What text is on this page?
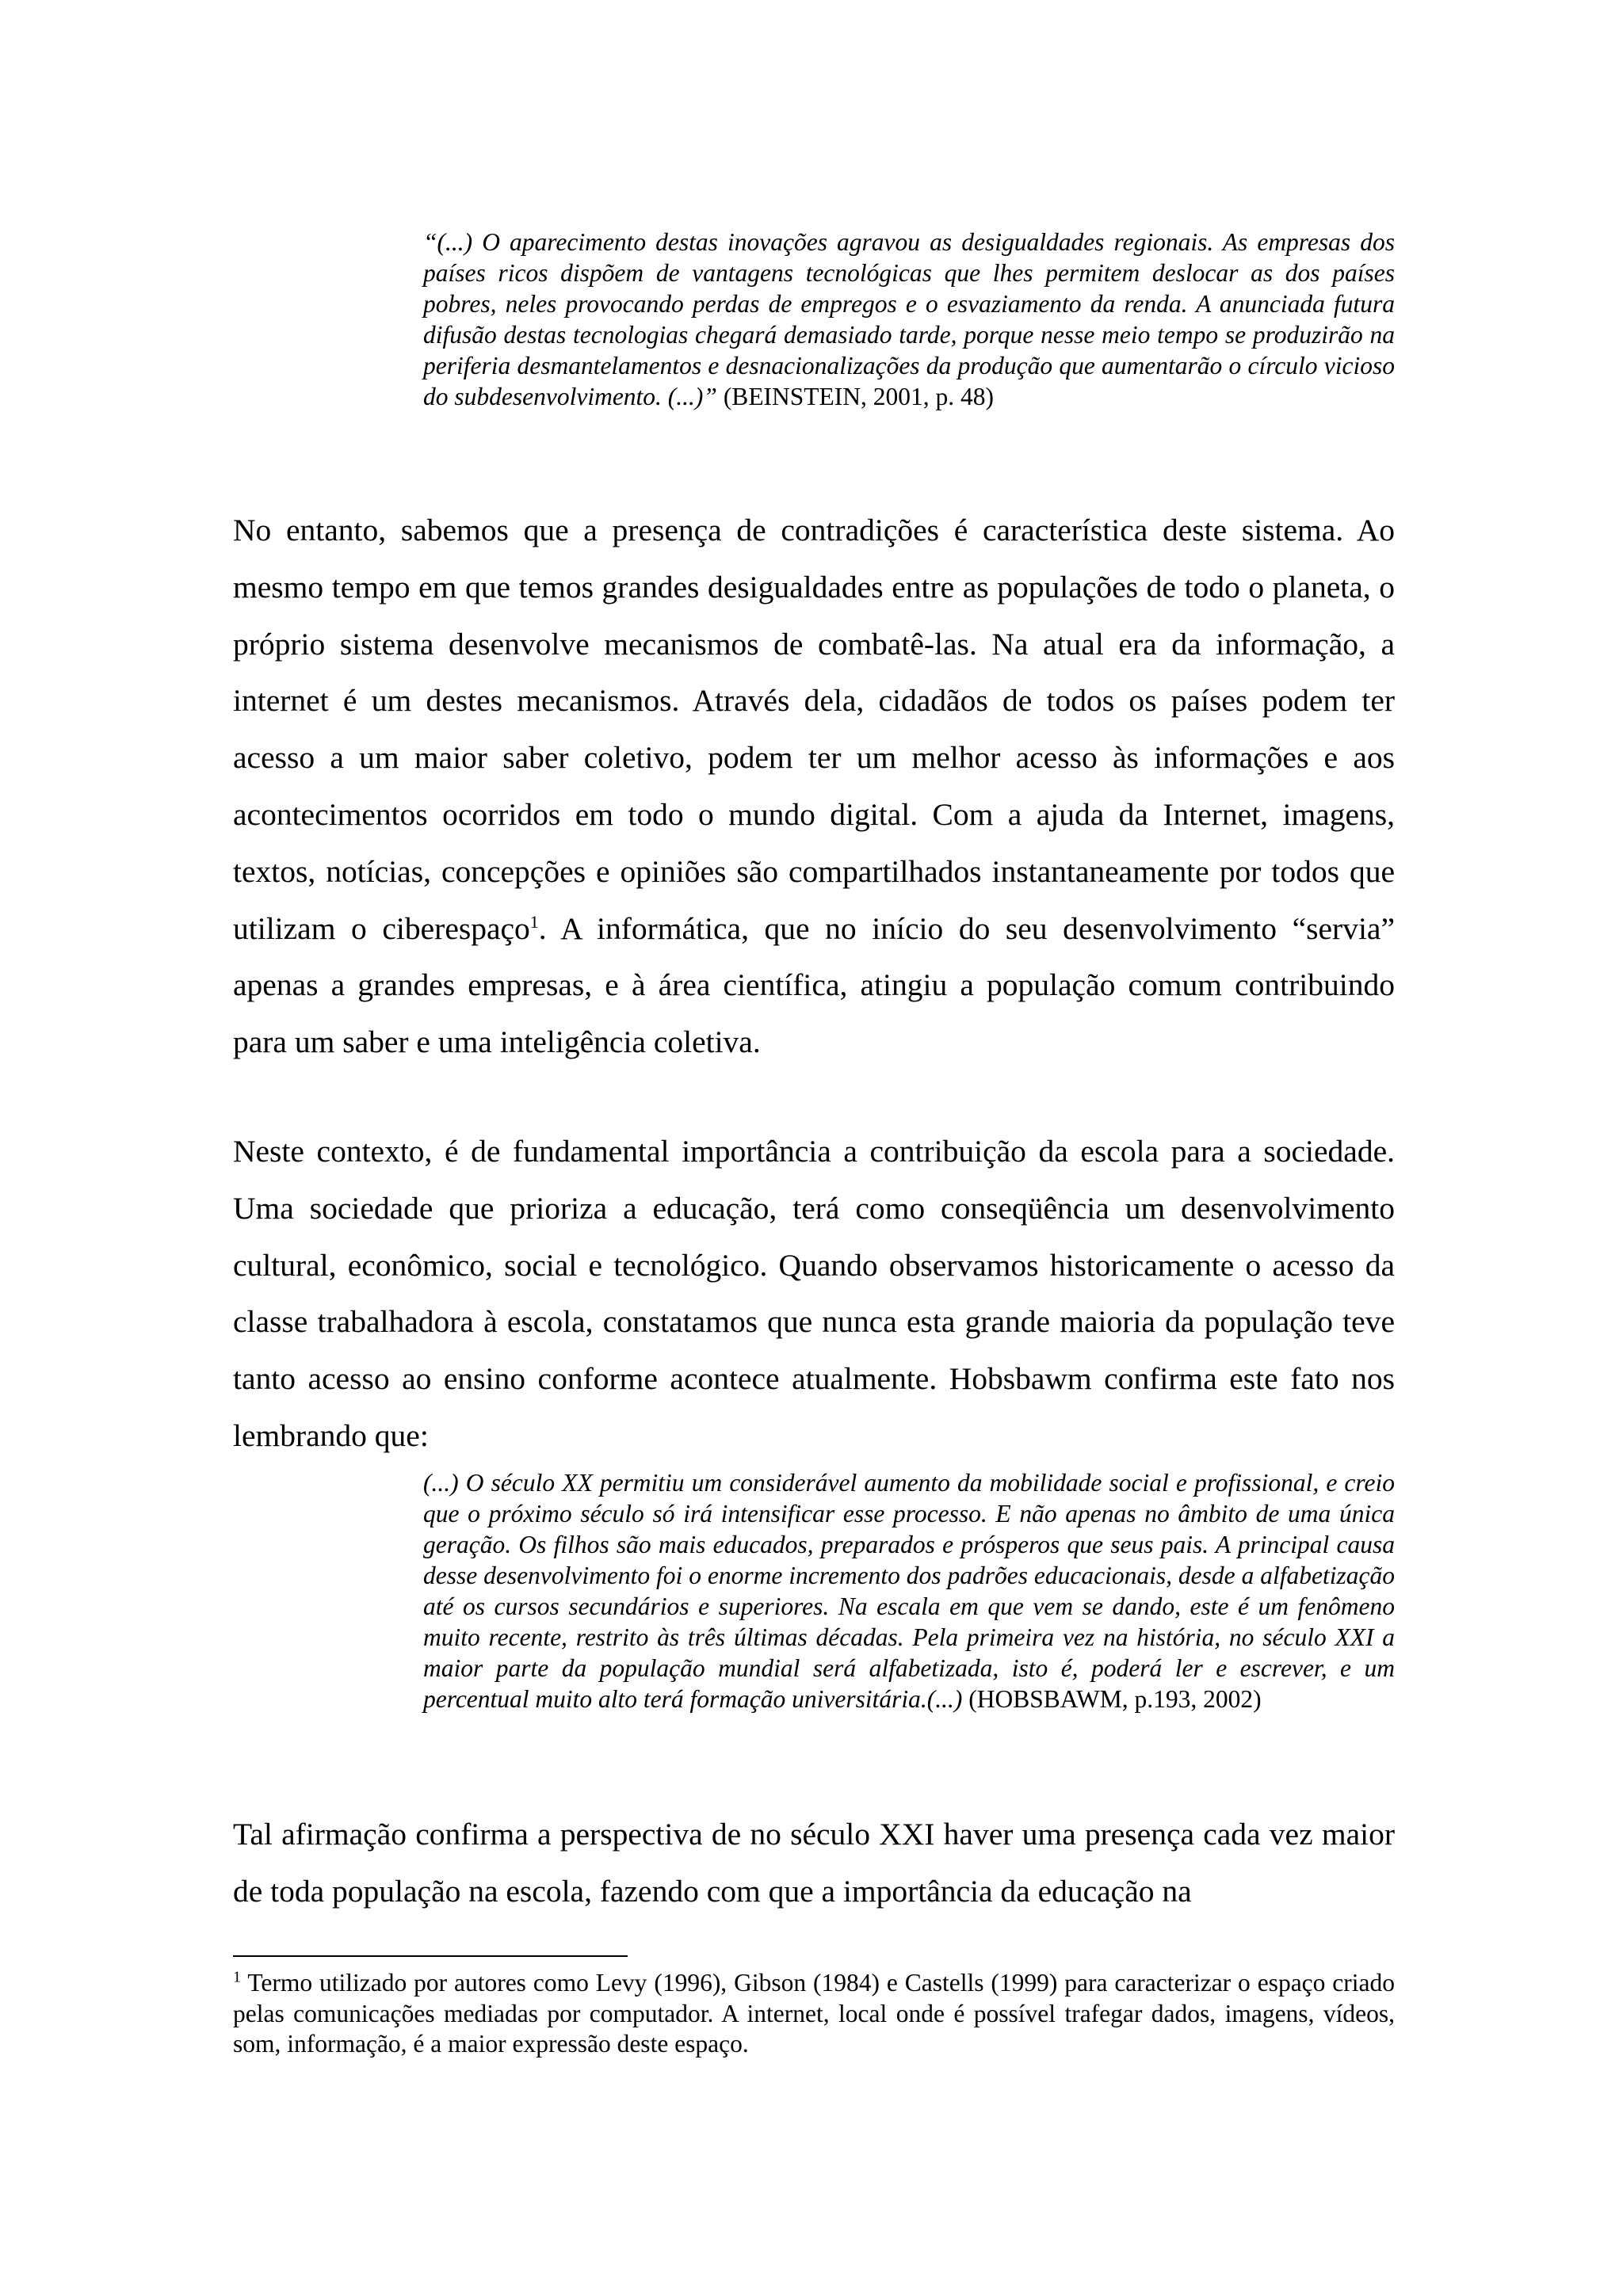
“(...) O aparecimento destas inovações agravou as desigualdades regionais. As empresas dos países ricos dispõem de vantagens tecnológicas que lhes permitem deslocar as dos países pobres, neles provocando perdas de empregos e o esvaziamento da renda. A anunciada futura difusão destas tecnologias chegará demasiado tarde, porque nesse meio tempo se produzirão na periferia desmantelamentos e desnacionalizações da produção que aumentarão o círculo vicioso do subdesenvolvimento. (...)” (BEINSTEIN, 2001, p. 48)

No entanto, sabemos que a presença de contradições é característica deste sistema. Ao mesmo tempo em que temos grandes desigualdades entre as populações de todo o planeta, o próprio sistema desenvolve mecanismos de combatê-las. Na atual era da informação, a internet é um destes mecanismos. Através dela, cidadãos de todos os países podem ter acesso a um maior saber coletivo, podem ter um melhor acesso às informações e aos acontecimentos ocorridos em todo o mundo digital. Com a ajuda da Internet, imagens, textos, notícias, concepções e opiniões são compartilhados instantaneamente por todos que utilizam o ciberespaço$^1$. A informática, que no início do seu desenvolvimento “servia” apenas a grandes empresas, e à área científica, atingiu a população comum contribuindo para um saber e uma inteligência coletiva.

Neste contexto, é de fundamental importância a contribuição da escola para a sociedade. Uma sociedade que prioriza a educação, terá como conseqüência um desenvolvimento cultural, econômico, social e tecnológico. Quando observamos historicamente o acesso da classe trabalhadora à escola, constatamos que nunca esta grande maioria da população teve tanto acesso ao ensino conforme acontece atualmente. Hobsbawm confirma este fato nos lembrando que:

(...) O século XX permitiu um considerável aumento da mobilidade social e profissional, e creio que o próximo século só irá intensificar esse processo. E não apenas no âmbito de uma única geração. Os filhos são mais educados, preparados e prósperos que seus pais. A principal causa desse desenvolvimento foi o enorme incremento dos padrões educacionais, desde a alfabetização até os cursos secundários e superiores. Na escala em que vem se dando, este é um fenômeno muito recente, restrito às três últimas décadas. Pela primeira vez na história, no século XXI a maior parte da população mundial será alfabetizada, isto é, poderá ler e escrever, e um percentual muito alto terá formação universitária.(...) (HOBSBAWM, p.193, 2002)

Tal afirmação confirma a perspectiva de no século XXI haver uma presença cada vez maior de toda população na escola, fazendo com que a importância da educação na

$^1$ Termo utilizado por autores como Levy (1996), Gibson (1984) e Castells (1999) para caracterizar o espaço criado pelas comunicações mediadas por computador. A internet, local onde é possível trafegar dados, imagens, vídeos, som, informação, é a maior expressão deste espaço.
